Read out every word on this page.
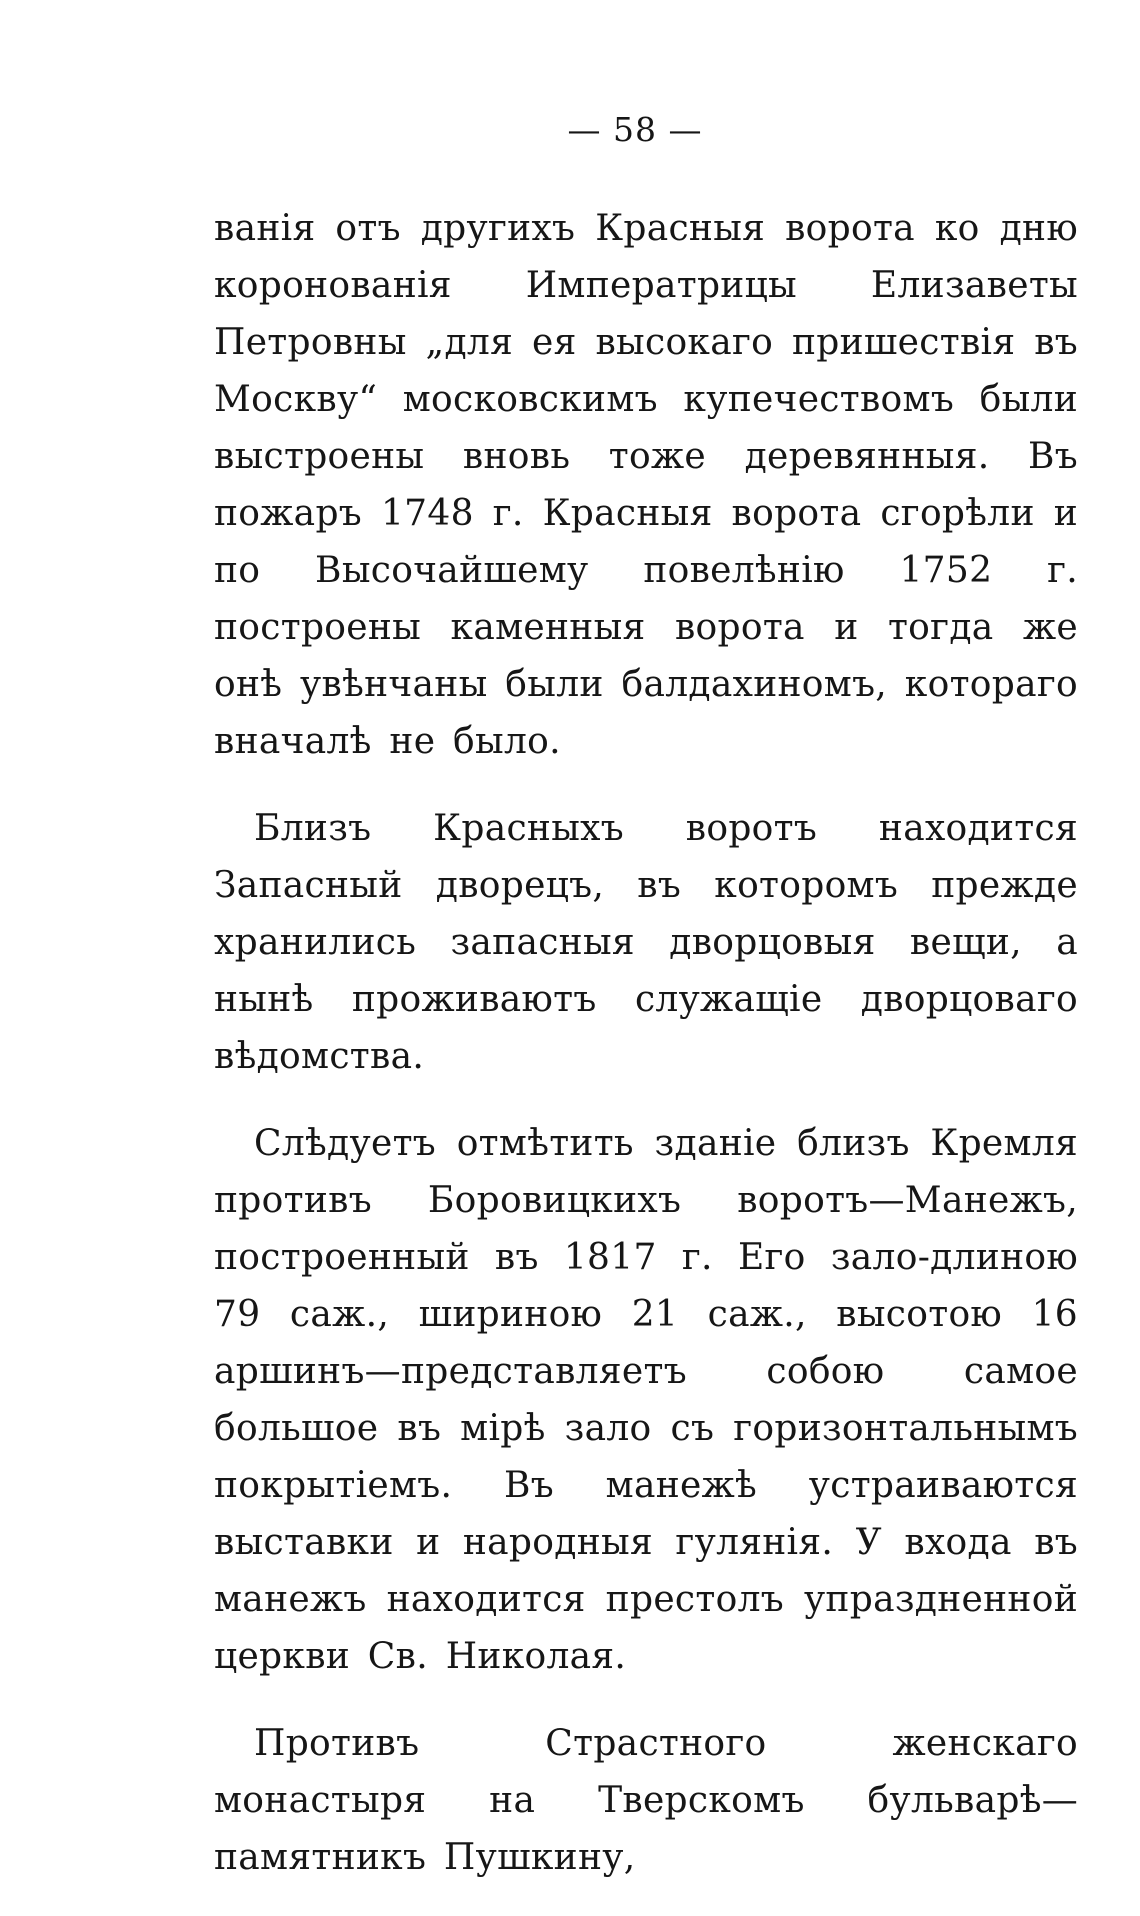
— 58 —

ванія отъ другихъ Красныя ворота ко дню коронованія Императрицы Елизаветы Петровны „для ея высокаго пришествія въ Москву“ московскимъ купечествомъ были выстроены вновь тоже деревянныя. Въ пожаръ 1748 г. Красныя ворота сгорѣли и по Высочайшему повелѣнію 1752 г. построены каменныя ворота и тогда же онѣ увѣнчаны были балдахиномъ, котораго вначалѣ не было.

Близъ Красныхъ воротъ находится Запасный дворецъ, въ которомъ прежде хранились запасныя дворцовыя вещи, а нынѣ проживаютъ служащіе дворцоваго вѣдомства.

Слѣдуетъ отмѣтить зданіе близъ Кремля противъ Боровицкихъ воротъ—Манежъ, построенный въ 1817 г. Его зало-длиною 79 саж., шириною 21 саж., высотою 16 аршинъ—представляетъ собою самое большое въ мірѣ зало съ горизонтальнымъ покрытіемъ. Въ манежѣ устраиваются выставки и народныя гулянія. У входа въ манежъ находится престолъ упраздненной церкви Св. Николая.

Противъ Страстного женскаго монастыря на Тверскомъ бульварѣ—памятникъ Пушкину,
